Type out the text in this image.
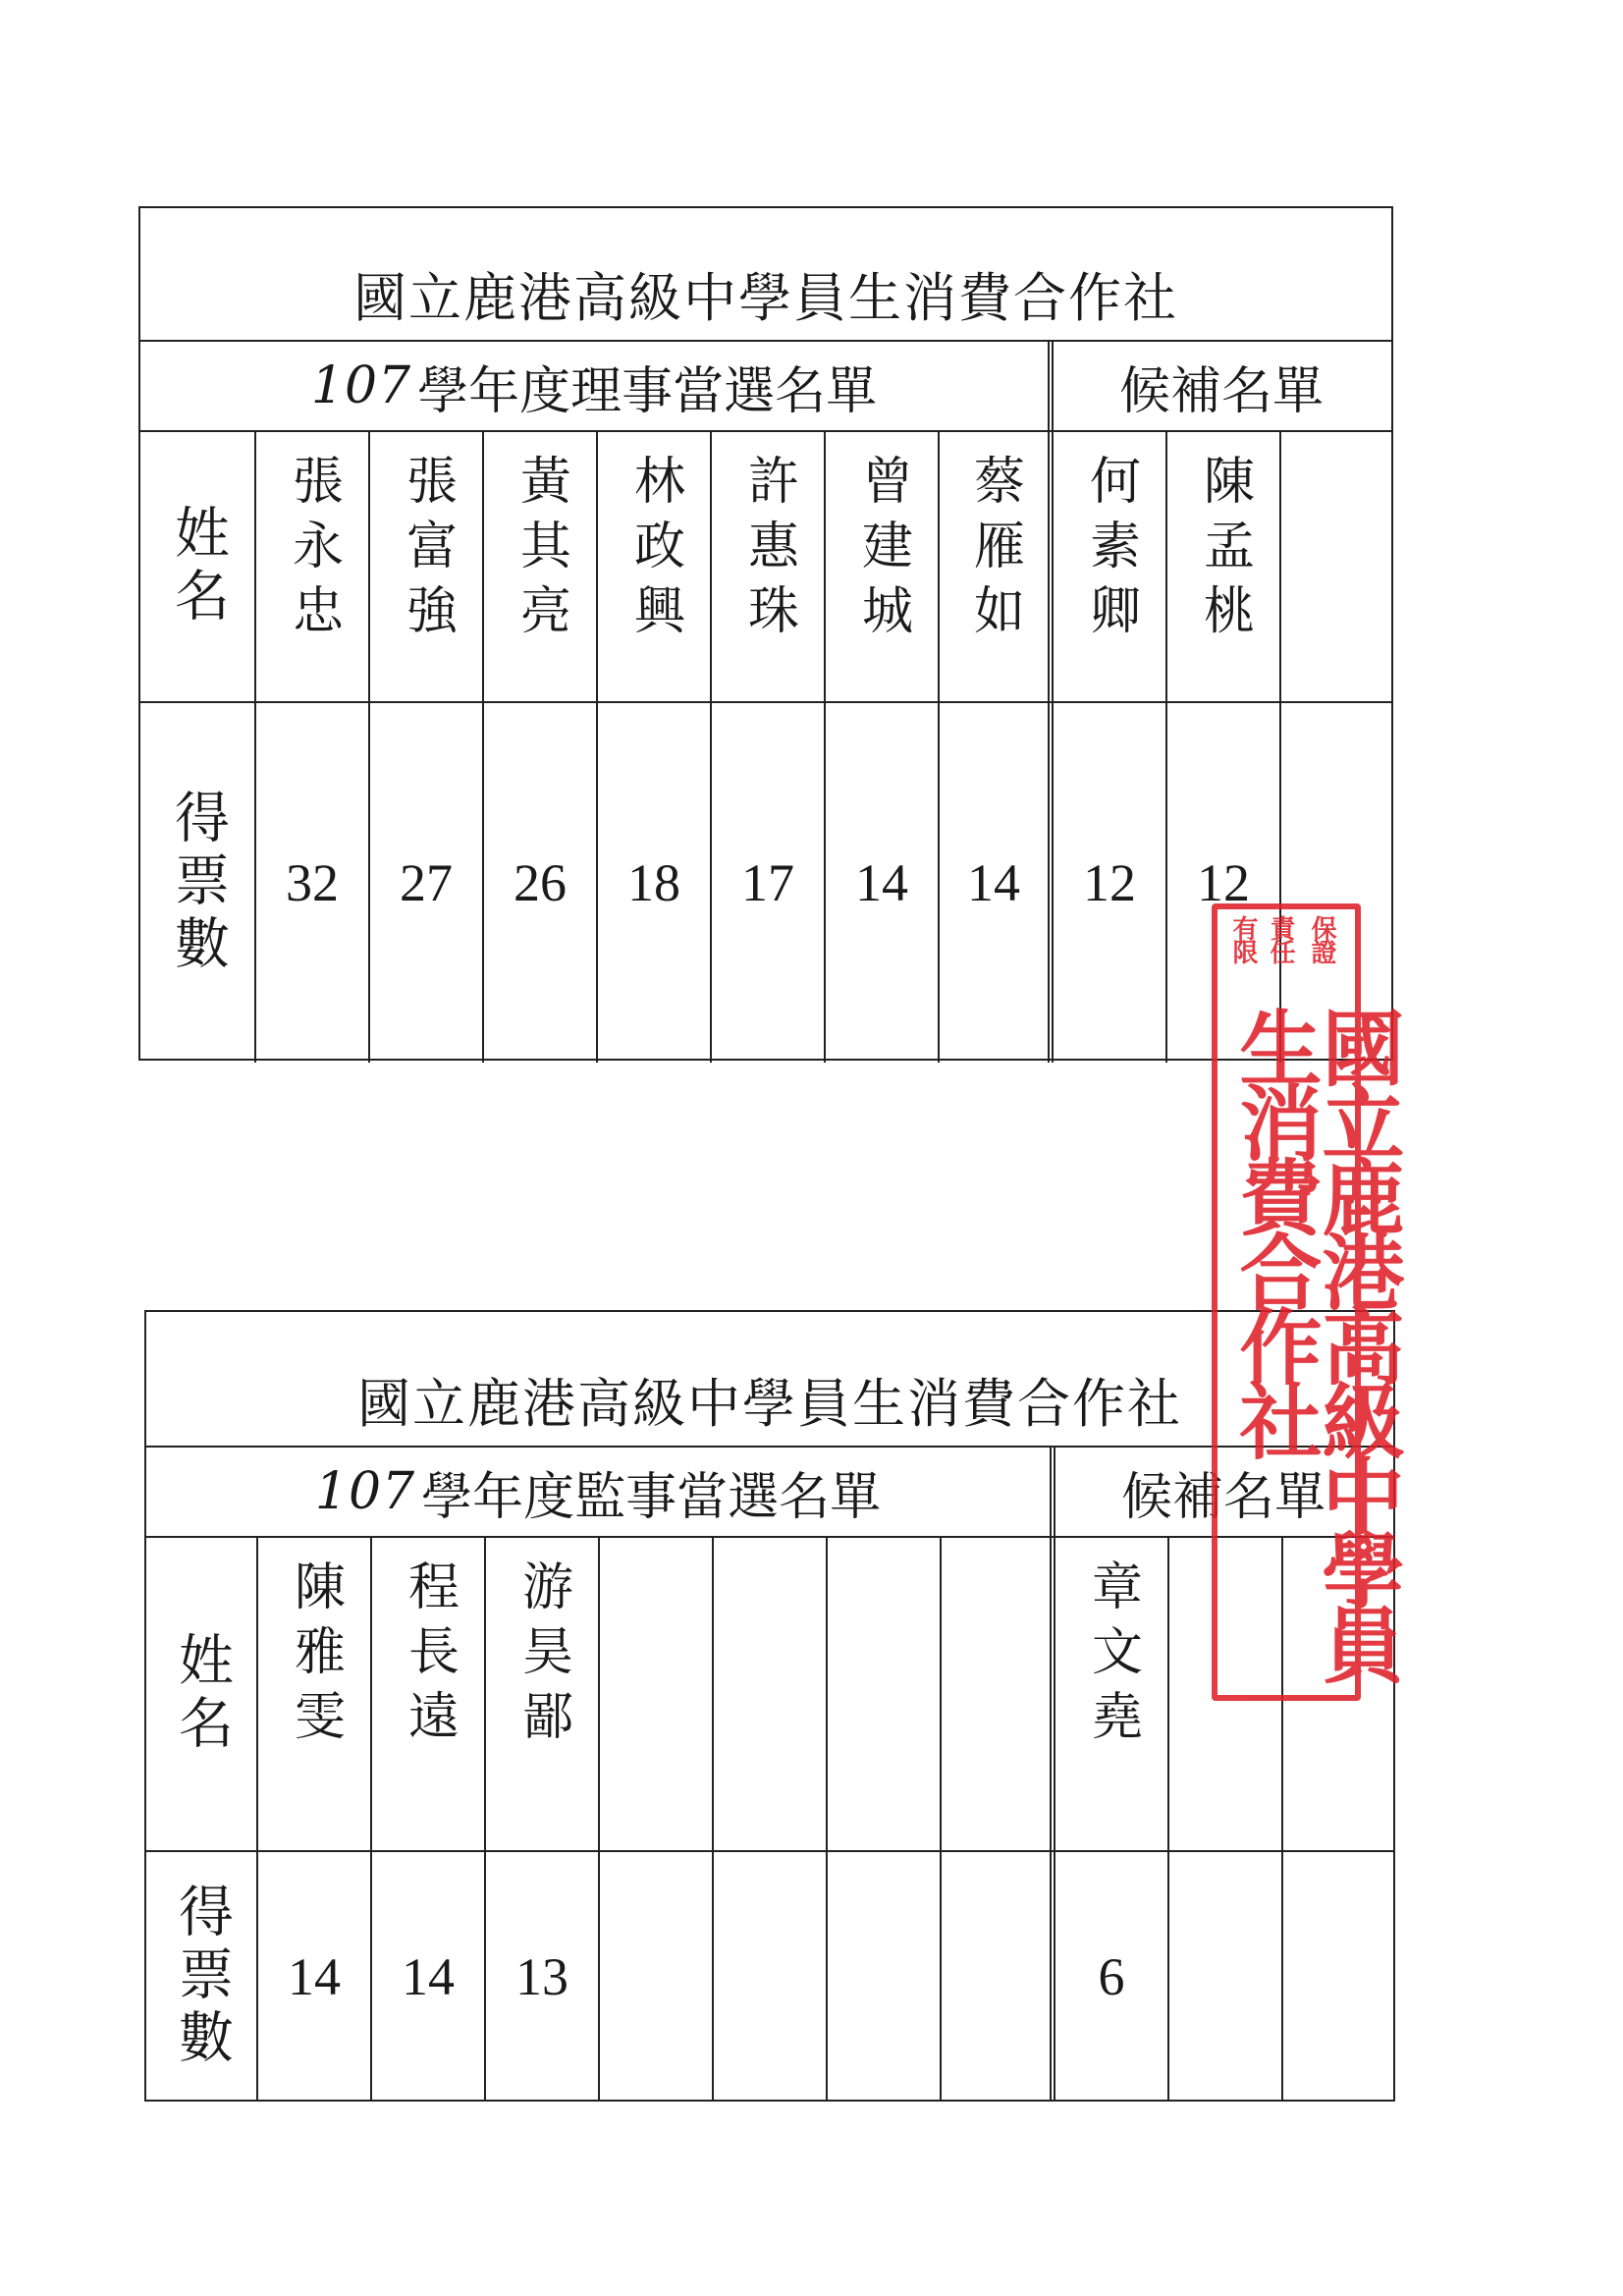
國立鹿港高級中學員生消費合作社
107 學年度理事當選名單	候補名單
姓名 張永忠 張富強 黃其亮 林政興 許惠珠 曾建城 蔡雁如 何素卿 陳孟桃
得票數 32 27 26 18 17 14 14 12 12
國立鹿港高級中學員生消費合作社
107 學年度監事當選名單	候補名單
姓名 陳雅雯 程長遠 游昊鄙	章文堯
得票數 14 14 13	6
有限 責任 保證
國立鹿港高級中學員生消費合作社
